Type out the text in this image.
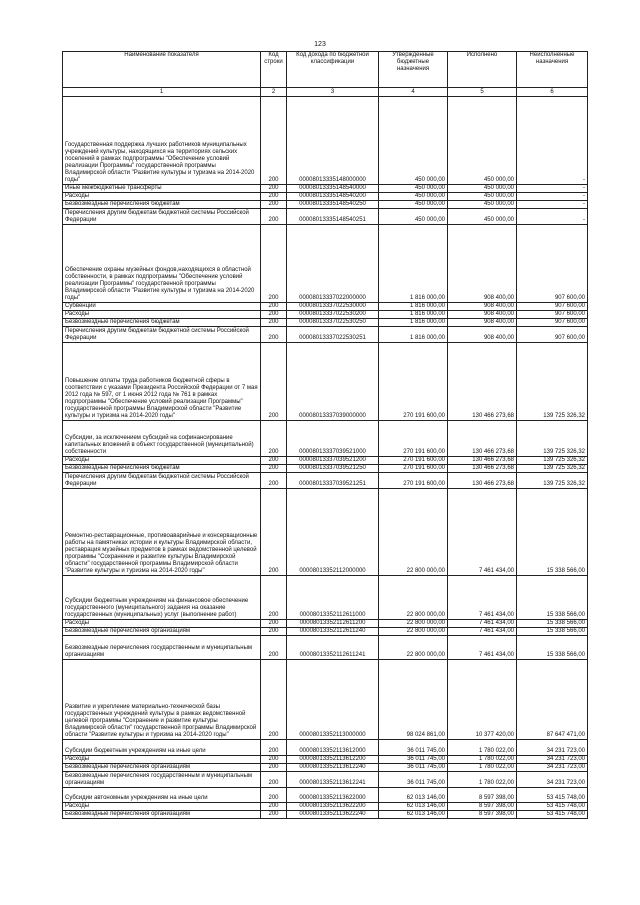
123
Наименование показателя	Код строки	Код дохода по бюджетной классификации	Утвержденные бюджетные назначения	Исполнено	Неисполненные назначения
1	2	3	4	5	6
Государственная поддержка лучших работников муниципальных учреждений культуры, находящихся на территориях сельских поселений в рамках подпрограммы "Обеспечение условий реализации Программы" государственной программы Владимирской области "Развитие культуры и туризма на 2014-2020 годы"	200	00008013335148000000	450 000,00	450 000,00	-
Иные межбюджетные трансферты	200	00008013335148540000	450 000,00	450 000,00	-
Расходы	200	00008013335148540200	450 000,00	450 000,00	-
Безвозмездные перечисления бюджетам	200	00008013335148540250	450 000,00	450 000,00	-
Перечисления другим бюджетам бюджетной системы Российской Федерации	200	00008013335148540251	450 000,00	450 000,00	-
Обеспечение охраны музейных фондов,находящихся в областной собственности, в рамках подпрограммы "Обеспечение условий реализации Программы" государственной программы Владимирской области "Развитие культуры и туризма на 2014-2020 годы"	200	00008013337022000000	1 816 000,00	908 400,00	907 600,00
Субвенции	200	00008013337022530000	1 816 000,00	908 400,00	907 600,00
Расходы	200	00008013337022530200	1 816 000,00	908 400,00	907 600,00
Безвозмездные перечисления бюджетам	200	00008013337022530250	1 816 000,00	908 400,00	907 600,00
Перечисления другим бюджетам бюджетной системы Российской Федерации	200	00008013337022530251	1 816 000,00	908 400,00	907 600,00
Повышение оплаты труда работников бюджетной сферы в соответствии с указами Президента Российской Федерации от 7 мая 2012 года № 597, от 1 июня 2012 года № 761 в рамках подпрограммы "Обеспечение условий реализации Программы" государственной программы Владимирской области "Развитие культуры и туризма на 2014-2020 годы"	200	00008013337039000000	270 191 600,00	130 466 273,68	139 725 326,32
Субсидии, за исключением субсидий на софинансирование капитальных вложений в объект государственной (муниципальной) собственности	200	00008013337039521000	270 191 600,00	130 466 273,68	139 725 326,32
Расходы	200	00008013337039521200	270 191 600,00	130 466 273,68	139 725 326,32
Безвозмездные перечисления бюджетам	200	00008013337039521250	270 191 600,00	130 466 273,68	139 725 326,32
Перечисления другим бюджетам бюджетной системы Российской Федерации	200	00008013337039521251	270 191 600,00	130 466 273,68	139 725 326,32
Ремонтно-реставрационные, противоаварийные и консервационные работы на памятниках истории и культуры Владимирской области, реставрация музейных предметов в рамках ведомственной целевой программы "Сохранение и развитие культуры Владимирской области" государственной программы Владимирской области "Развитие культуры и туризма на 2014-2020 годы"	200	00008013352112000000	22 800 000,00	7 461 434,00	15 338 566,00
Субсидии бюджетным учреждениям на финансовое обеспечение государственного (муниципального) задания на оказание государственных (муниципальных) услуг (выполнение работ)	200	00008013352112611000	22 800 000,00	7 461 434,00	15 338 566,00
Расходы	200	00008013352112611200	22 800 000,00	7 461 434,00	15 338 566,00
Безвозмездные перечисления организациям	200	00008013352112611240	22 800 000,00	7 461 434,00	15 338 566,00
Безвозмездные перечисления государственным и муниципальным организациям	200	00008013352112611241	22 800 000,00	7 461 434,00	15 338 566,00
Развитие и укрепление материально-технической базы государственных учреждений культуры в рамках ведомственной целевой программы "Сохранение и развитие культуры Владимирской области" государственной программы Владимирской области "Развитие культуры и туризма на 2014-2020 годы"	200	00008013352113000000	98 024 861,00	10 377 420,00	87 647 471,00
Субсидии бюджетным учреждениям на иные цели	200	00008013352113612000	36 011 745,00	1 780 022,00	34 231 723,00
Расходы	200	00008013352113612200	36 011 745,00	1 780 022,00	34 231 723,00
Безвозмездные перечисления организациям	200	00008013352113612240	36 011 745,00	1 780 022,00	34 231 723,00
Безвозмездные перечисления государственным и муниципальным организациям	200	00008013352113612241	36 011 745,00	1 780 022,00	34 231 723,00
Субсидии автономным учреждениям на иные цели	200	00008013352113622000	62 013 146,00	8 597 398,00	53 415 748,00
Расходы	200	00008013352113622200	62 013 146,00	8 597 398,00	53 415 748,00
Безвозмездные перечисления организациям	200	00008013352113622240	62 013 146,00	8 597 398,00	53 415 748,00
